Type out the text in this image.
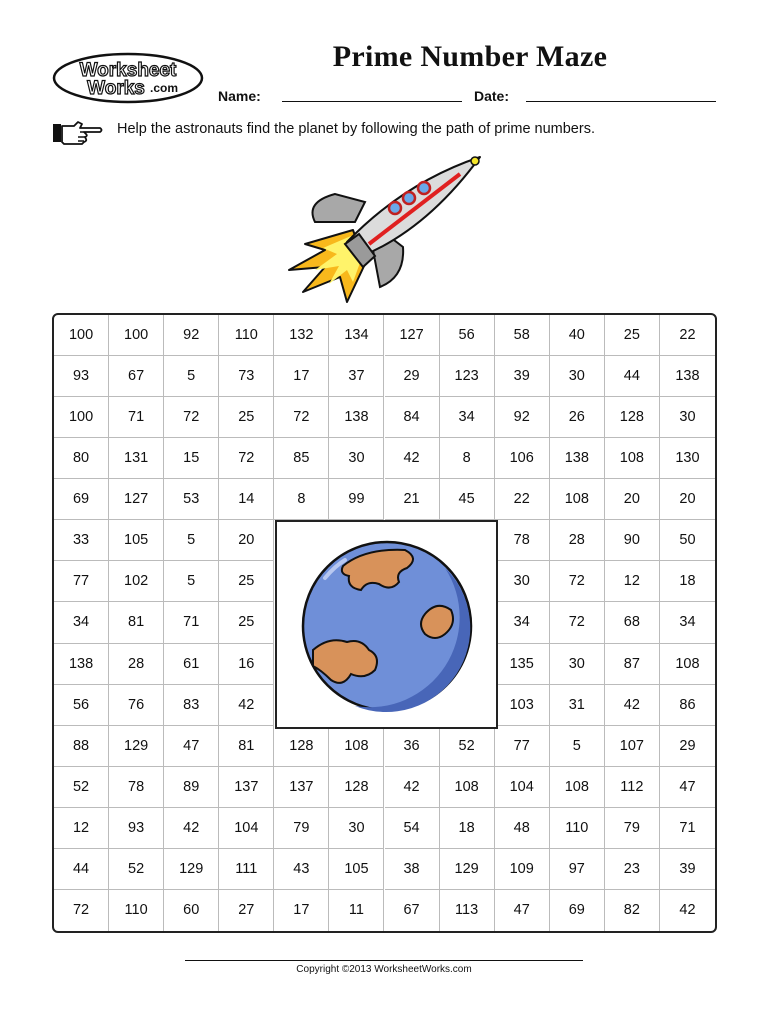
Worksheet
Works .com
Prime Number Maze
Name:	Date:
Help the astronauts find the planet by following the path of prime numbers.
100	100	92	110	132	134	127	56	58	40	25	22
93	67	5	73	17	37	29	123	39	30	44	138
100	71	72	25	72	138	84	34	92	26	128	30
80	131	15	72	85	30	42	8	106	138	108	130
69	127	53	14	8	99	21	45	22	108	20	20
33	105	5	20	78	28	90	50
77	102	5	25	30	72	12	18
34	81	71	25	34	72	68	34
138	28	61	16	135	30	87	108
56	76	83	42	103	31	42	86
88	129	47	81	128	108	36	52	77	5	107	29
52	78	89	137	137	128	42	108	104	108	112	47
12	93	42	104	79	30	54	18	48	110	79	71
44	52	129	111	43	105	38	129	109	97	23	39
72	110	60	27	17	11	67	113	47	69	82	42
Copyright ©2013 WorksheetWorks.com
